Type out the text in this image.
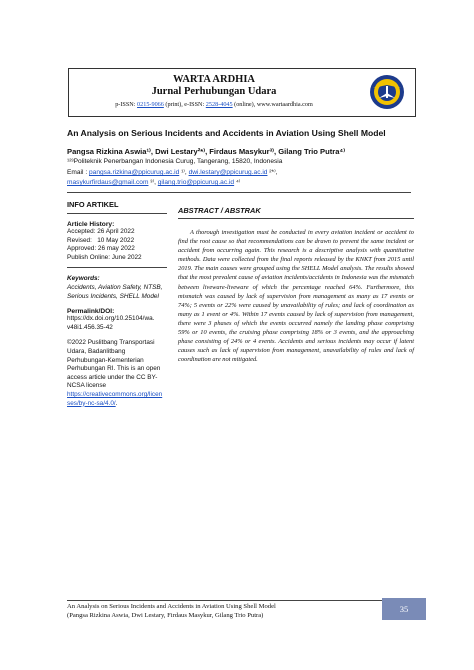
WARTA ARDHIA
Jurnal Perhubungan Udara
p-ISSN: 0215-9066 (print), e-ISSN: 2528-4045 (online), www.wartaardhia.com
An Analysis on Serious Incidents and Accidents in Aviation Using Shell Model
Pangsa Rizkina Aswia¹⁾, Dwi Lestary²*⁾, Firdaus Masykur³⁾, Gilang Trio Putra⁴⁾
¹²³Politeknik Penerbangan Indonesia Curug, Tangerang, 15820, Indonesia
Email : pangsa.rizkina@ppicurug.ac.id ¹⁾, dwi.lestary@ppicurug.ac.id ²*⁾,
masykurfirdaus@gmail.com ³⁾, gilang.trio@ppicurug.ac.id ⁴⁾
INFO ARTIKEL
Article History:
Accepted: 26 April 2022
Revised:   10 May 2022
Approved: 26 may 2022
Publish Online: June 2022
Keywords:
Accidents, Aviation Safety, NTSB,
Serious Incidents, SHELL Model
Permalink/DOI:
https://dx.doi.org/10.25104/wa.
v48i1.456.35-42
©2022 Puslitbang Transportasi
Udara, Badanlitbang
Perhubungan-Kementerian
Perhubungan RI. This is an open
access article under the CC BY-
NCSA license
https://creativecommons.org/licen
ses/by-nc-sa/4.0/.
ABSTRACT / ABSTRAK
A thorough investigation must be conducted in every aviation incident or accident to find the root cause so that recommendations can be drawn to prevent the same incident or accident from occurring again. This research is a descriptive analysis with quantitative methods. Data were collected from the final reports released by the KNKT from 2015 until 2019. The main causes were grouped using the SHELL Model analysis. The results showed that the most prevalent cause of aviation incidents/accidents in Indonesia was the mismatch between liveware-liveware of which the percentage reached 64%. Furthermore, this mismatch was caused by lack of supervision from management as many as 17 events or 74%; 5 events or 22% were caused by unavailability of rules; and lack of coordination as many as 1 event or 4%. Within 17 events caused by lack of supervision from management, there were 3 phases of which the events occurred namely the landing phase comprising 59% or 10 events, the cruising phase comprising 18% or 3 events, and the approaching phase consisting of 24% or 4 events. Accidents and serious incidents may occur if latent causes such as lack of supervision from management, unavailability of rules and lack of coordination are not mitigated.
An Analysis on Serious Incidents and Accidents in Aviation Using Shell Model
(Pangsa Rizkina Aswia, Dwi Lestary, Firdaus Masykur, Gilang Trio Putra)
35
